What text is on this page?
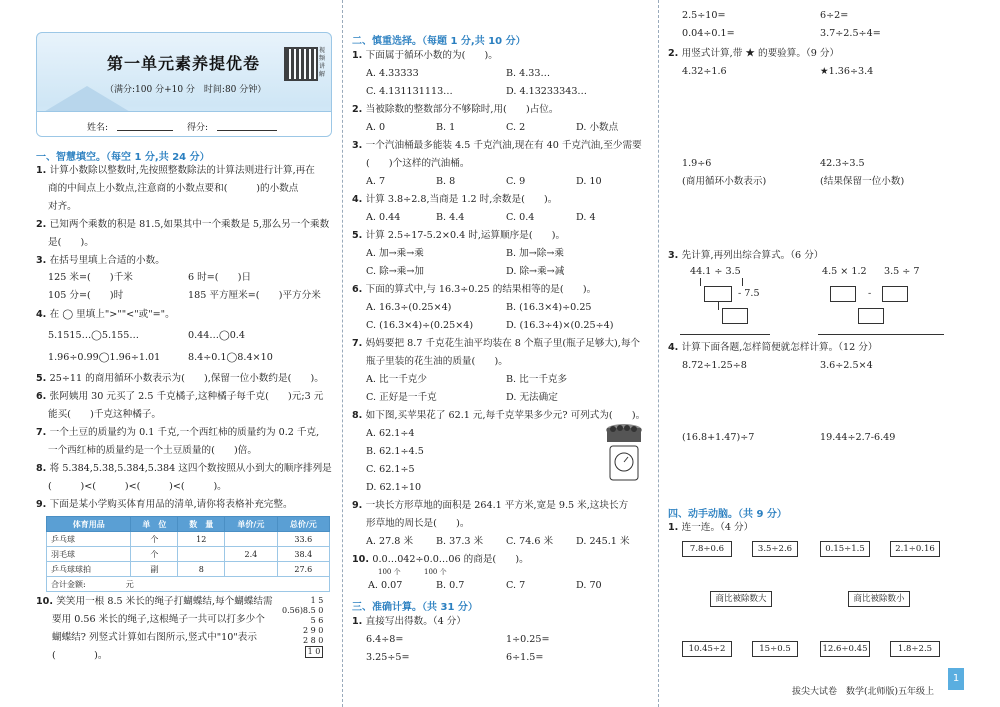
第一单元素养提优卷
视频讲解
（满分:100 分+10 分　时间:80 分钟）
姓名:	得分:
一、智慧填空。（每空 1 分,共 24 分）
1. 计算小数除以整数时,先按照整数除法的计算法则进行计算,再在
商的中间点上小数点,注意商的小数点要和(　　　)的小数点
对齐。
2. 已知两个乘数的积是 81.5,如果其中一个乘数是 5,那么另一个乘数
是(　　)。
3. 在括号里填上合适的小数。
125 米=(　　)千米	6 时=(　　)日
105 分=(　　)时	185 平方厘米=(　　)平方分米
4. 在 ◯ 里填上">""<"或"="。
5.1515…◯5.155…	0.44…◯0.4̇
1.96÷0.99◯1.96÷1.01	8.4÷0.1◯8.4×10
5. 25÷11 的商用循环小数表示为(　　),保留一位小数约是(　　)。
6. 张阿姨用 30 元买了 2.5 千克橘子,这种橘子每千克(　　)元;3 元
能买(　　)千克这种橘子。
7. 一个土豆的质量约为 0.1 千克,一个西红柿的质量约为 0.2 千克,
一个西红柿的质量约是一个土豆质量的(　　)倍。
8. 将 5.384,5.38̇,5.3̇84̇,5.384̇ 这四个数按照从小到大的顺序排列是
(　　　)<(　　　)<(　　　)<(　　　)。
9. 下面是某小学购买体育用品的清单,请你将表格补充完整。
体育用品	单　位	数　量	单价/元	总价/元
乒乓球	个	12		33.6
羽毛球	个		2.4	38.4
乒乓球球拍	副	8		27.6
合计金额: 元				
10. 笑笑用一根 8.5 米长的绳子打蝴蝶结,每个蝴蝶结需
要用 0.56 米长的绳子,这根绳子一共可以打多少个
蝴蝶结? 列竖式计算如右图所示,竖式中"10"表示
(　　　　)。
1 5
0.56)8.5 0
5 6
2 9 0
2 8 0
1 0
二、慎重选择。（每题 1 分,共 10 分）
1. 下面属于循环小数的为(　　)。
A. 4.33333	B. 4.33…
C. 4.131131113…	D. 4.13233343…
2. 当被除数的整数部分不够除时,用(　　)占位。
A. 0	B. 1	C. 2	D. 小数点
3. 一个汽油桶最多能装 4.5 千克汽油,现在有 40 千克汽油,至少需要
(　　)个这样的汽油桶。
A. 7	B. 8	C. 9	D. 10
4. 计算 3.8÷2.8,当商是 1.2 时,余数是(　　)。
A. 0.44	B. 4.4	C. 0.4	D. 4
5. 计算 2.5÷17-5.2×0.4 时,运算顺序是(　　)。
A. 加→乘→乘	B. 加→除→乘
C. 除→乘→加	D. 除→乘→减
6. 下面的算式中,与 16.3÷0.25 的结果相等的是(　　)。
A. 16.3÷(0.25×4)	B. (16.3×4)÷0.25
C. (16.3×4)÷(0.25×4)	D. (16.3÷4)×(0.25÷4)
7. 妈妈要把 8.7 千克花生油平均装在 8 个瓶子里(瓶子足够大),每个
瓶子里装的花生油的质量(　　)。
A. 比一千克少	B. 比一千克多
C. 正好是一千克	D. 无法确定
8. 如下图,买苹果花了 62.1 元,每千克苹果多少元? 可列式为(　　)。
A. 62.1÷4
B. 62.1÷4.5
C. 62.1÷5
D. 62.1÷10
9. 一块长方形草地的面积是 264.1 平方米,宽是 9.5 米,这块长方
形草地的周长是(　　)。
A. 27.8 米 B. 37.3 米 C. 74.6 米 D. 245.1 米
10. 0.0…042÷0.0…06 的商是(　　)。
100 个	100 个
A. 0.07	B. 0.7	C. 7	D. 70
三、准确计算。（共 31 分）
1. 直接写出得数。（4 分）
6.4÷8=	1÷0.25=
3.25÷5=	6÷1.5=
2.5÷10=	6÷2=
0.04÷0.1=	3.7÷2.5÷4=
2. 用竖式计算,带 ★ 的要验算。（9 分）
4.32÷1.6	★1.36÷3.4
1.9÷6	42.3÷3.5
(商用循环小数表示)	(结果保留一位小数)
3. 先计算,再列出综合算式。（6 分）
44.1 ÷ 3.5
- 7.5
4.5 × 1.2 3.5 ÷ 7
-
4. 计算下面各题,怎样简便就怎样计算。（12 分）
8.72÷1.25÷8	3.6÷2.5×4
(16.8+1.47)÷7	19.44÷2.7-6.49
四、动手动脑。（共 9 分）
1. 连一连。（4 分）
7.8÷0.6	3.5÷2.6	0.15÷1.5	2.1÷0.16
商比被除数大	商比被除数小
10.45÷2	15÷0.5	12.6÷0.45	1.8÷2.5
拔尖大试卷　数学(北师版)五年级上
1
